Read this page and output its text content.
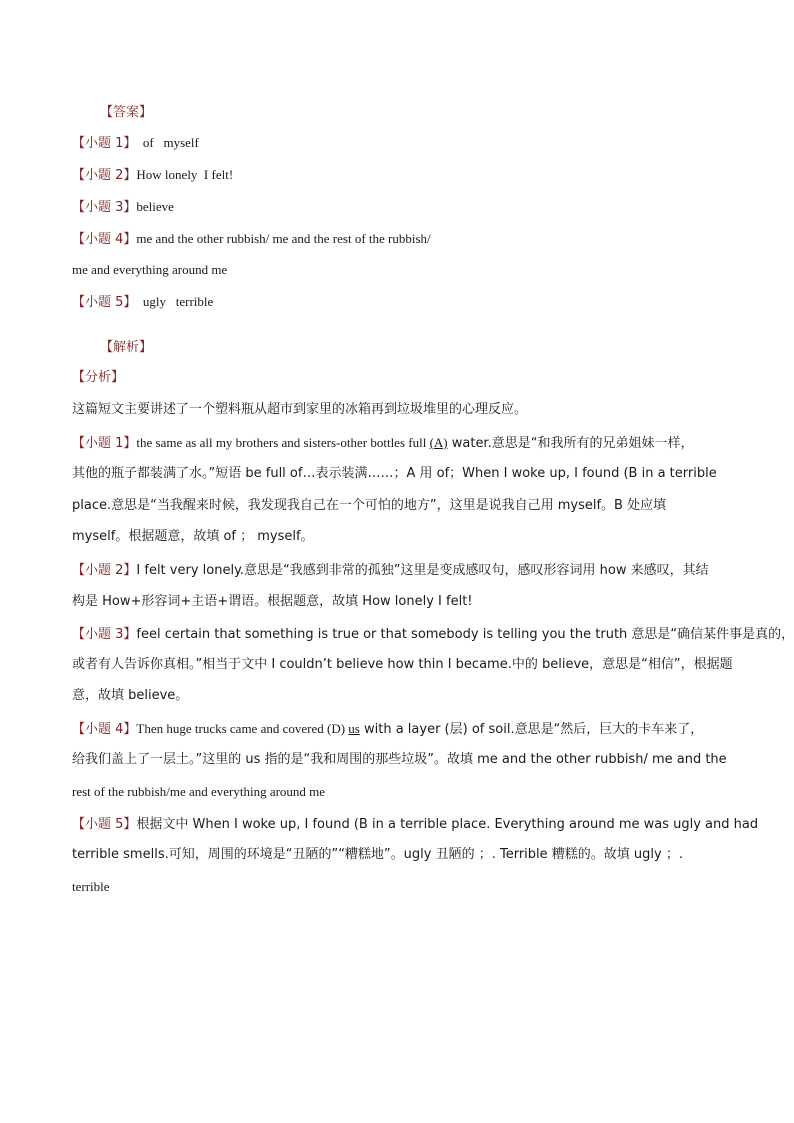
【答案】
【小题 1】  of   myself
【小题 2】How lonely  I felt!
【小题 3】believe
【小题 4】me and the other rubbish/ me and the rest of the rubbish/
me and everything around me
【小题 5】  ugly   terrible
【解析】
【分析】
这篇短文主要讲述了一个塑料瓶从超市到家里的冰箱再到垃圾堆里的心理反应。
【小题 1】the same as all my brothers and sisters-other bottles full (A) water.意思是“和我所有的兄弟姐妹一样，
其他的瓶子都装满了水。”短语 be full of…表示装满……；A 用 of；When I woke up, I found (B in a terrible
place.意思是“当我醒来时候，我发现我自己在一个可怕的地方”，这里是说我自己用 myself。B 处应填
myself。根据题意，故填 of ； myself。
【小题 2】I felt very lonely.意思是“我感到非常的孤独”这里是变成感叹句，感叹形容词用 how 来感叹，其结
构是 How+形容词+主语+谓语。根据题意，故填 How lonely I felt!
【小题 3】feel certain that something is true or that somebody is telling you the truth 意思是“确信某件事是真的，
或者有人告诉你真相。”相当于文中 I couldn’t believe how thin I became.中的 believe，意思是“相信”，根据题
意，故填 believe。
【小题 4】Then huge trucks came and covered (D) us with a layer (层) of soil.意思是“然后，巨大的卡车来了，
给我们盖上了一层土。”这里的 us 指的是“我和周围的那些垃圾”。故填 me and the other rubbish/ me and the
rest of the rubbish/me and everything around me
【小题 5】根据文中 When I woke up, I found (B in a terrible place. Everything around me was ugly and had
terrible smells.可知，周围的环境是“丑陋的”“糟糕地”。ugly 丑陋的 ；. Terrible 糟糕的。故填 ugly ；.
terrible
